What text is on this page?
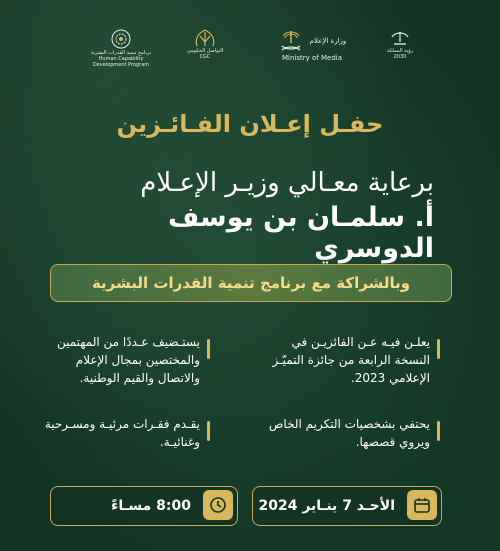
برنامج تنمية القدرات البشرية
Human Capability
Development Program
التواصل الحكومي
CGC
وزارة الإعلام
Ministry of Media
رؤية المملكة
2030
حفـل إعـلان الفـائـزين
برعاية معـالي وزيـر الإعـلام
أ. سلمـان بن يوسف الدوسري
وبالشراكة مع برنامج تنمية القدرات البشرية
يعلـن فيـه عـن الفائزيـن في النسخة الرابعة من جائزة التميّـز الإعلامي 2023.
يستـضيف عـددًا من المهتمين والمختصين بمجال الإعلام والاتصال والقيم الوطنية.
يحتفي بشخصيات التكريم الخاص ويروي قصصها.
يقـدم فقـرات مرئيـة ومسـرحية وغنائيـة.
الأحـد 7 ينـاير 2024
8:00 مسـاءً
